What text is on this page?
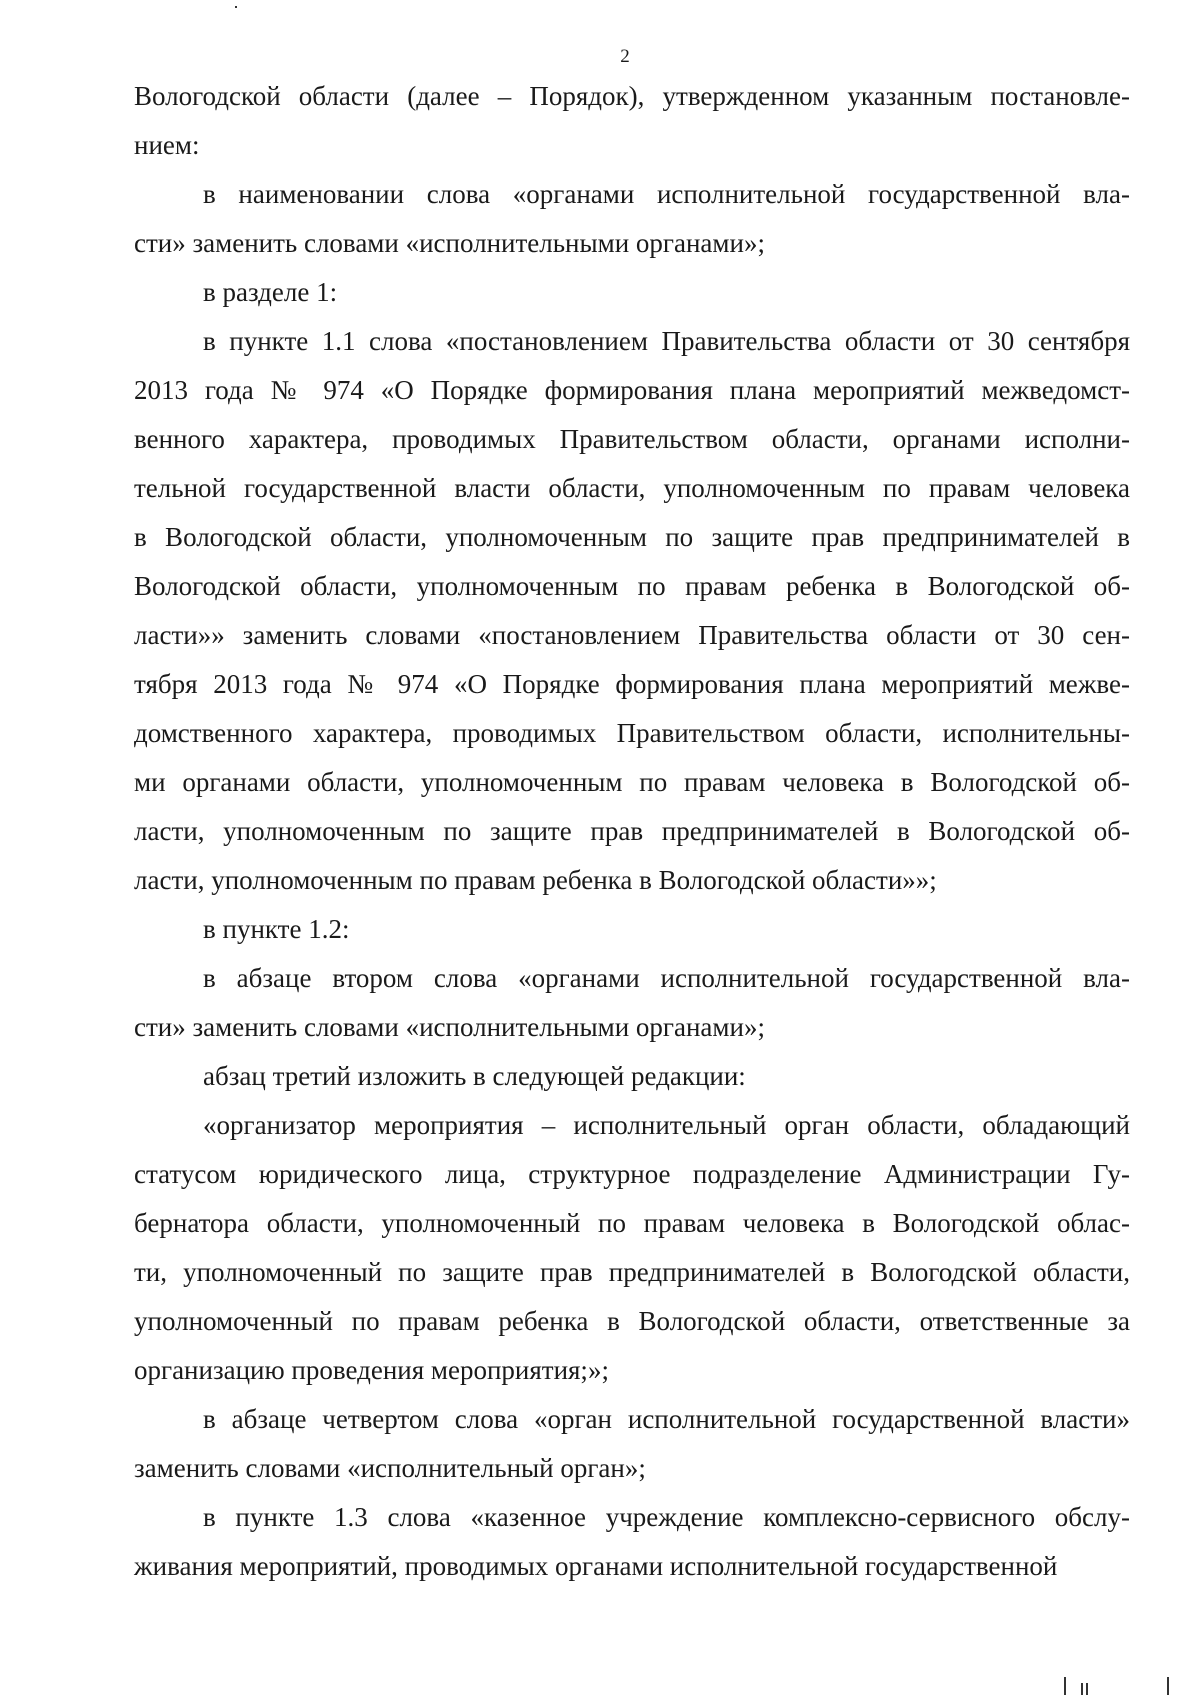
2
Вологодской области (далее – Порядок), утвержденном указанным постановле-
нием:
в наименовании слова «органами исполнительной государственной вла-
сти» заменить словами «исполнительными органами»;
в разделе 1:
в пункте 1.1 слова «постановлением Правительства области от 30 сентября
2013 года № 974 «О Порядке формирования плана мероприятий межведомст-
венного характера, проводимых Правительством области, органами исполни-
тельной государственной власти области, уполномоченным по правам человека
в Вологодской области, уполномоченным по защите прав предпринимателей в
Вологодской области, уполномоченным по правам ребенка в Вологодской об-
ласти»» заменить словами «постановлением Правительства области от 30 сен-
тября 2013 года № 974 «О Порядке формирования плана мероприятий межве-
домственного характера, проводимых Правительством области, исполнительны-
ми органами области, уполномоченным по правам человека в Вологодской об-
ласти, уполномоченным по защите прав предпринимателей в Вологодской об-
ласти, уполномоченным по правам ребенка в Вологодской области»»;
в пункте 1.2:
в абзаце втором слова «органами исполнительной государственной вла-
сти» заменить словами «исполнительными органами»;
абзац третий изложить в следующей редакции:
«организатор мероприятия – исполнительный орган области, обладающий
статусом юридического лица, структурное подразделение Администрации Гу-
бернатора области, уполномоченный по правам человека в Вологодской облас-
ти, уполномоченный по защите прав предпринимателей в Вологодской области,
уполномоченный по правам ребенка в Вологодской области, ответственные за
организацию проведения мероприятия;»;
в абзаце четвертом слова «орган исполнительной государственной власти»
заменить словами «исполнительный орган»;
в пункте 1.3 слова «казенное учреждение комплексно-сервисного обслу-
живания мероприятий, проводимых органами исполнительной государственной
